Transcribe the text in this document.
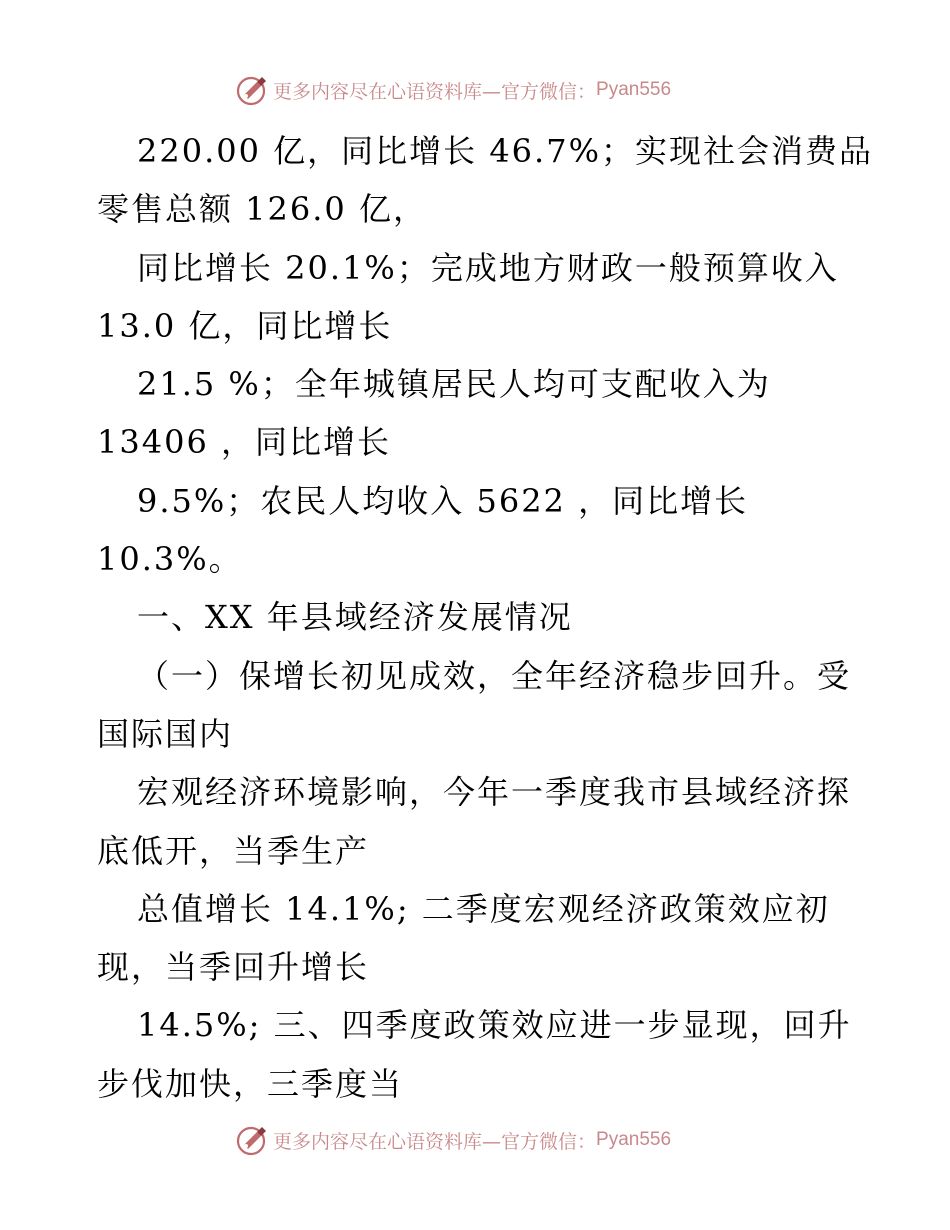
更多内容尽在心语资料库—官方微信： Pyan556
220.00 亿，同比增长 46.7%；实现社会消费品
零售总额 126.0 亿，
同比增长 20.1%；完成地方财政一般预算收入
13.0 亿，同比增长
21.5 %；全年城镇居民人均可支配收入为
13406 ，同比增长
9.5%；农民人均收入 5622 ，同比增长
10.3%。
一、XX 年县域经济发展情况
（一）保增长初见成效，全年经济稳步回升。受
国际国内
宏观经济环境影响，今年一季度我市县域经济探
底低开，当季生产
总值增长 14.1%; 二季度宏观经济政策效应初
现，当季回升增长
14.5%; 三、四季度政策效应进一步显现，回升
步伐加快，三季度当
更多内容尽在心语资料库—官方微信： Pyan556
